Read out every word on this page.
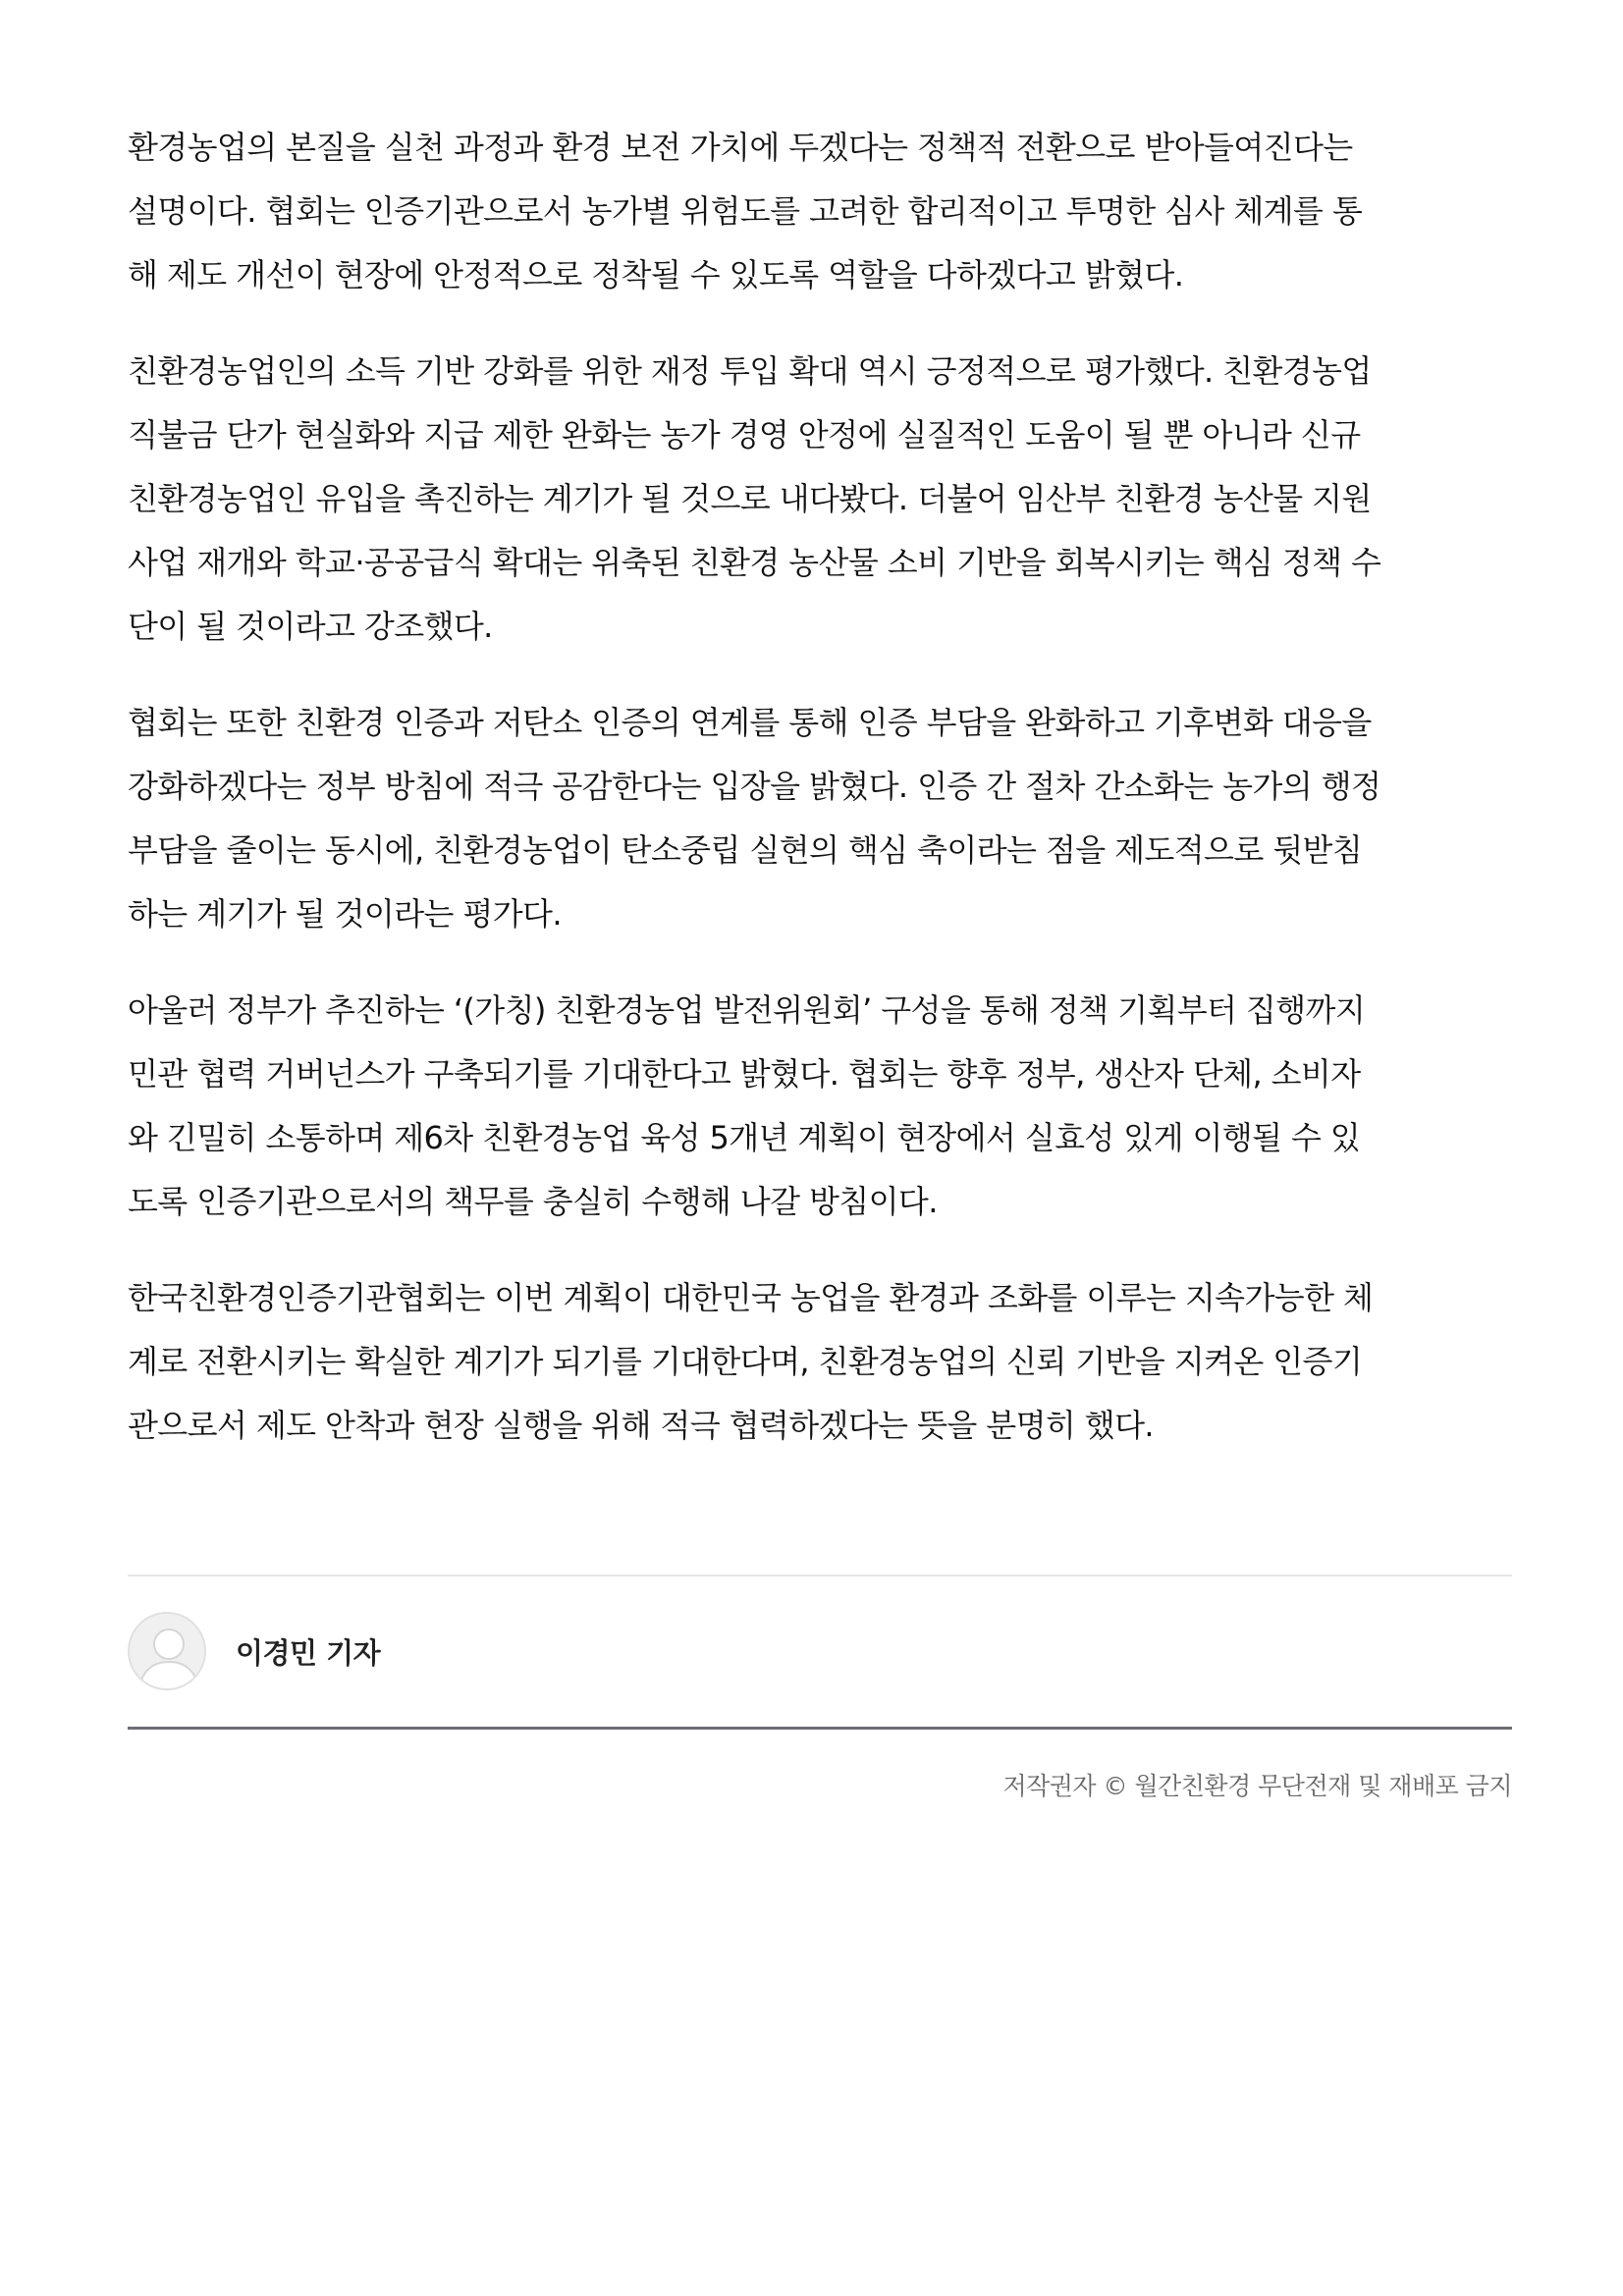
환경농업의 본질을 실천 과정과 환경 보전 가치에 두겠다는 정책적 전환으로 받아들여진다는
설명이다. 협회는 인증기관으로서 농가별 위험도를 고려한 합리적이고 투명한 심사 체계를 통
해 제도 개선이 현장에 안정적으로 정착될 수 있도록 역할을 다하겠다고 밝혔다.

친환경농업인의 소득 기반 강화를 위한 재정 투입 확대 역시 긍정적으로 평가했다. 친환경농업
직불금 단가 현실화와 지급 제한 완화는 농가 경영 안정에 실질적인 도움이 될 뿐 아니라 신규
친환경농업인 유입을 촉진하는 계기가 될 것으로 내다봤다. 더불어 임산부 친환경 농산물 지원
사업 재개와 학교·공공급식 확대는 위축된 친환경 농산물 소비 기반을 회복시키는 핵심 정책 수
단이 될 것이라고 강조했다.

협회는 또한 친환경 인증과 저탄소 인증의 연계를 통해 인증 부담을 완화하고 기후변화 대응을
강화하겠다는 정부 방침에 적극 공감한다는 입장을 밝혔다. 인증 간 절차 간소화는 농가의 행정
부담을 줄이는 동시에, 친환경농업이 탄소중립 실현의 핵심 축이라는 점을 제도적으로 뒷받침
하는 계기가 될 것이라는 평가다.

아울러 정부가 추진하는 ‘(가칭) 친환경농업 발전위원회’ 구성을 통해 정책 기획부터 집행까지
민관 협력 거버넌스가 구축되기를 기대한다고 밝혔다. 협회는 향후 정부, 생산자 단체, 소비자
와 긴밀히 소통하며 제6차 친환경농업 육성 5개년 계획이 현장에서 실효성 있게 이행될 수 있
도록 인증기관으로서의 책무를 충실히 수행해 나갈 방침이다.

한국친환경인증기관협회는 이번 계획이 대한민국 농업을 환경과 조화를 이루는 지속가능한 체
계로 전환시키는 확실한 계기가 되기를 기대한다며, 친환경농업의 신뢰 기반을 지켜온 인증기
관으로서 제도 안착과 현장 실행을 위해 적극 협력하겠다는 뜻을 분명히 했다.

이경민 기자
저작권자 © 월간친환경 무단전재 및 재배포 금지
